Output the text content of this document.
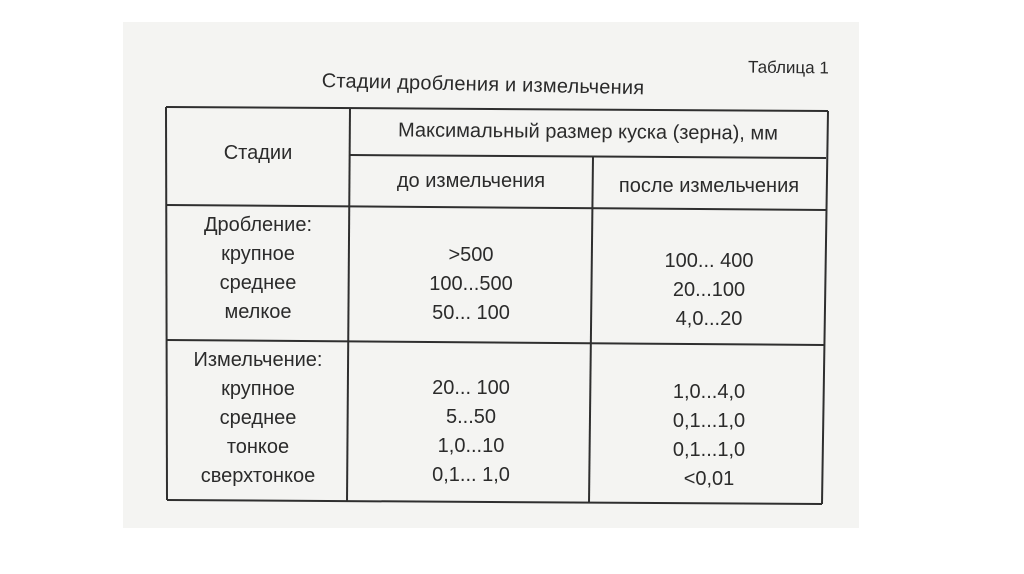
Таблица 1
Стадии дробления и измельчения
Стадии
Максимальный размер куска (зерна), мм
до измельчения	после измельчения
Дробление:
крупное
среднее
мелкое
>500
100...500
50... 100
100... 400
20...100
4,0...20
Измельчение:
крупное
среднее
тонкое
сверхтонкое
20... 100
5...50
1,0...10
0,1... 1,0
1,0...4,0
0,1...1,0
0,1...1,0
<0,01
